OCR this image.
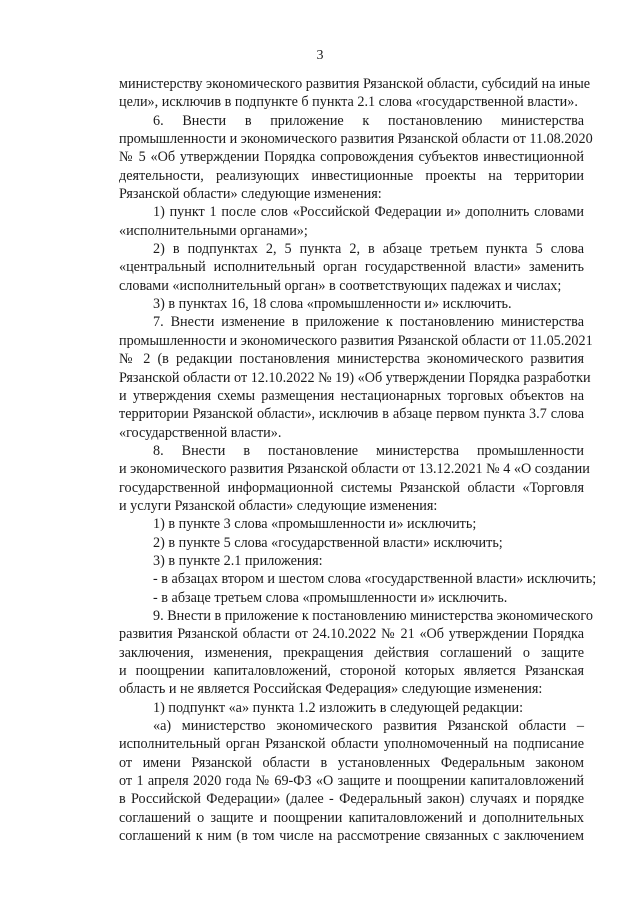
3
министерству экономического развития Рязанской области, субсидий на иные
цели», исключив в подпункте б пункта 2.1 слова «государственной власти».
6. Внести в приложение к постановлению министерства
промышленности и экономического развития Рязанской области от 11.08.2020
№ 5 «Об утверждении Порядка сопровождения субъектов инвестиционной
деятельности, реализующих инвестиционные проекты на территории
Рязанской области» следующие изменения:
1) пункт 1 после слов «Российской Федерации и» дополнить словами
«исполнительными органами»;
2) в подпунктах 2, 5 пункта 2, в абзаце третьем пункта 5 слова
«центральный исполнительный орган государственной власти» заменить
словами «исполнительный орган» в соответствующих падежах и числах;
3) в пунктах 16, 18 слова «промышленности и» исключить.
7. Внести изменение в приложение к постановлению министерства
промышленности и экономического развития Рязанской области от 11.05.2021
№ 2 (в редакции постановления министерства экономического развития
Рязанской области от 12.10.2022 № 19) «Об утверждении Порядка разработки
и утверждения схемы размещения нестационарных торговых объектов на
территории Рязанской области», исключив в абзаце первом пункта 3.7 слова
«государственной власти».
8. Внести в постановление министерства промышленности
и экономического развития Рязанской области от 13.12.2021 № 4 «О создании
государственной информационной системы Рязанской области «Торговля
и услуги Рязанской области» следующие изменения:
1) в пункте 3 слова «промышленности и» исключить;
2) в пункте 5 слова «государственной власти» исключить;
3) в пункте 2.1 приложения:
- в абзацах втором и шестом слова «государственной власти» исключить;
- в абзаце третьем слова «промышленности и» исключить.
9. Внести в приложение к постановлению министерства экономического
развития Рязанской области от 24.10.2022 № 21 «Об утверждении Порядка
заключения, изменения, прекращения действия соглашений о защите
и поощрении капиталовложений, стороной которых является Рязанская
область и не является Российская Федерация» следующие изменения:
1) подпункт «а» пункта 1.2 изложить в следующей редакции:
«а) министерство экономического развития Рязанской области –
исполнительный орган Рязанской области уполномоченный на подписание
от имени Рязанской области в установленных Федеральным законом
от 1 апреля 2020 года № 69-ФЗ «О защите и поощрении капиталовложений
в Российской Федерации» (далее - Федеральный закон) случаях и порядке
соглашений о защите и поощрении капиталовложений и дополнительных
соглашений к ним (в том числе на рассмотрение связанных с заключением
